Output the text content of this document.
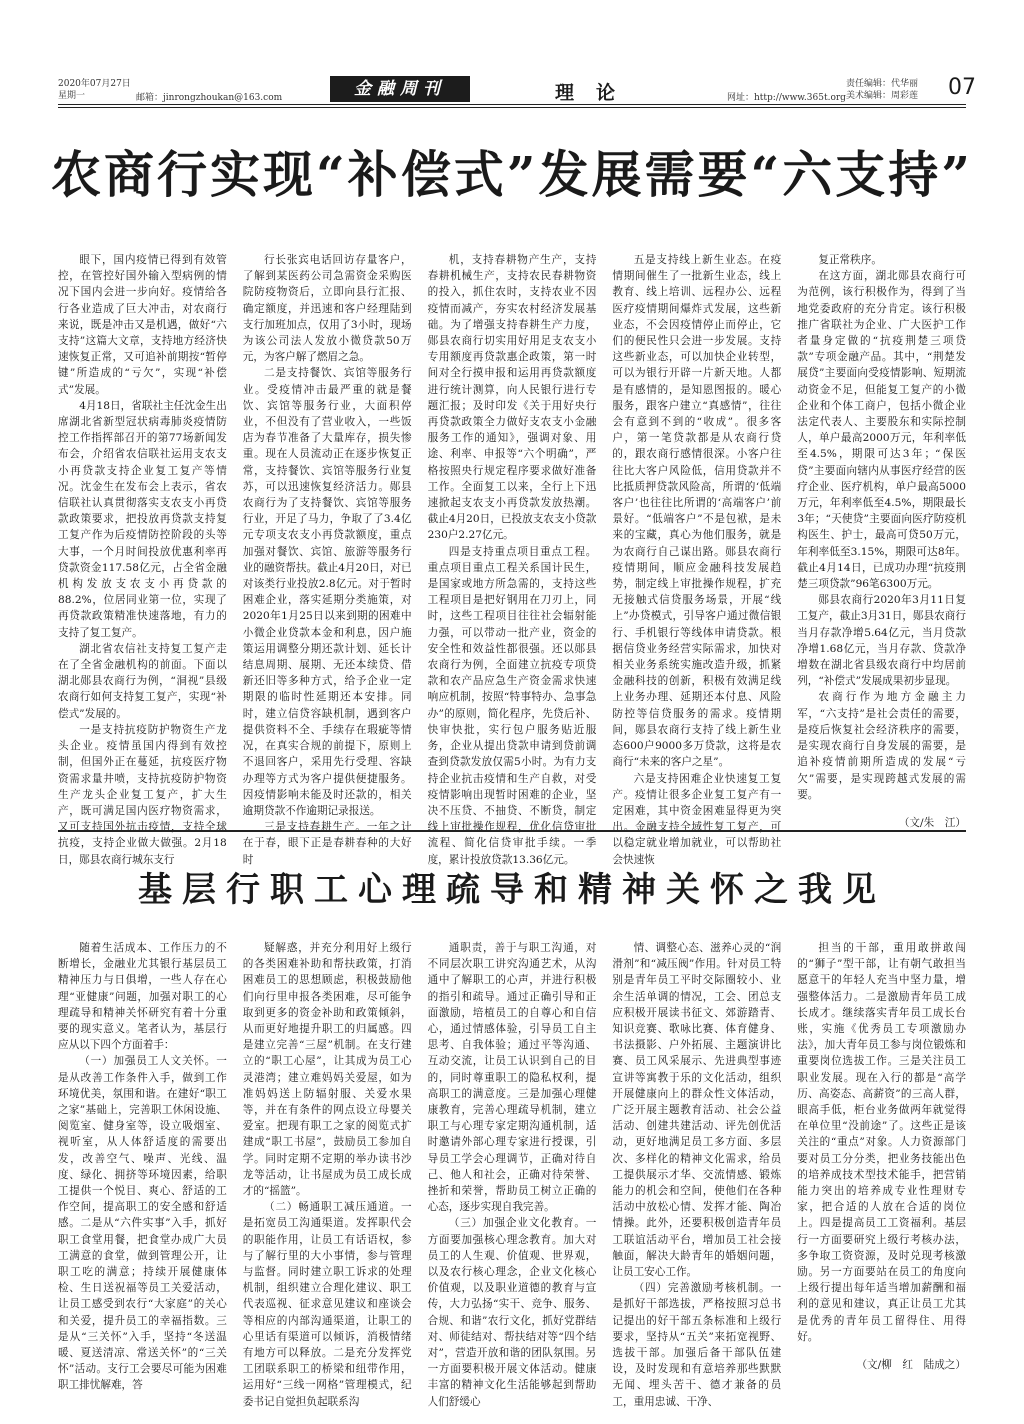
2020年07月27日
星期一	邮箱：jinrongzhoukan@163.com	金融周刊	理论	网址：http://www.365t.org
责任编辑：代华丽
美术编辑：周彩莲 07
农商行实现“补偿式”发展需要“六支持”

眼下，国内疫情已得到有效管控，在管控好国外输入型病例的情况下国内会进一步向好。疫情给各行各业造成了巨大冲击，对农商行来说，既是冲击又是机遇，做好“六支持”这篇大文章，支持地方经济快速恢复正常，又可追补前期按“暂停键”所造成的“亏欠”，实现“补偿式”发展。

4月18日，省联社主任沈金生出席湖北省新型冠状病毒肺炎疫情防控工作指挥部召开的第77场新闻发布会，介绍省农信联社运用支农支小再贷款支持企业复工复产等情况。沈金生在发布会上表示，省农信联社认真贯彻落实支农支小再贷款政策要求，把投放再贷款支持复工复产作为后疫情防控阶段的头等大事，一个月时间投放优惠利率再贷款资金117.58亿元，占全省金融机构发放支农支小再贷款的88.2%，位居同业第一位，实现了再贷款政策精准快速落地，有力的支持了复工复产。

湖北省农信社支持复工复产走在了全省金融机构的前面。下面以湖北郧县农商行为例，“洞视”县级农商行如何支持复工复产，实现“补偿式”发展的。

一是支持抗疫防护物资生产龙头企业。疫情虽国内得到有效控制，但国外正在蔓延，抗疫医疗物资需求量井喷，支持抗疫防护物资生产龙头企业复工复产，扩大生产，既可满足国内医疗物资需求，又可支持国外抗击疫情，支持全球抗疫，支持企业做大做强。2月18日，郧县农商行城东支行

行长张宾电话回访存量客户，了解到某医药公司急需资金采购医院防疫物资后，立即向县行汇报、确定额度，并迅速和客户经理陆到支行加班加点，仅用了3小时，现场为该公司法人发放小微贷款50万元，为客户解了燃眉之急。

二是支持餐饮、宾馆等服务行业。受疫情冲击最严重的就是餐饮、宾馆等服务行业，大面积停业，不但没有了营业收入，一些饭店为春节准备了大量库存，损失惨重。现在人员流动正在逐步恢复正常，支持餐饮、宾馆等服务行业复苏，可以迅速恢复经济活力。郧县农商行为了支持餐饮、宾馆等服务行业，开足了马力，争取了了3.4亿元专项支农支小再贷款额度，重点加强对餐饮、宾馆、旅游等服务行业的融资帮扶。截止4月20日，对已对该类行业投放2.8亿元。对于暂时困难企业，落实延期分类施策，对2020年1月25日以来到期的困难中小微企业贷款本金和利息，因户施策运用调整分期还款计划、延长计结息周期、展期、无还本续贷、借新还旧等多种方式，给予企业一定期限的临时性延期还本安排。同时，建立信贷容缺机制，遇到客户提供资料不全、手续存在瑕疵等情况，在真实合规的前提下，原则上不退回客户，采用先行受理、容缺办理等方式为客户提供便捷服务。因疫情影响未能及时还款的，相关逾期贷款不作逾期记录报送。

三是支持春耕生产。一年之计在于春，眼下正是春耕春种的大好时

机，支持春耕物产生产，支持春耕机械生产，支持农民春耕物资的投入，抓住农时，支持农业不因疫情而减产，夯实农村经济发展基础。为了增强支持春耕生产力度，郧县农商行切实用好用足支农支小专用额度再贷款惠企政策，第一时间对全行摸申报和运用再贷款额度进行统计测算，向人民银行进行专题汇报；及时印发《关于用好央行再贷款政策全力做好支农支小金融服务工作的通知》，强调对象、用途、利率、申报等“六个明确”，严格按照央行规定程序要求做好准备工作。全面复工以来，全行上下迅速掀起支农支小再贷款发放热潮。截止4月20日，已投放支农支小贷款230户2.27亿元。

四是支持重点项目重点工程。重点项目重点工程关系国计民生，是国家或地方所急需的，支持这些工程项目是把好钢用在刀刃上，同时，这些工程项目往往社会辐射能力强，可以带动一批产业，资金的安全性和效益性都很强。还以郧县农商行为例，全面建立抗疫专项贷款和农产品应急生产资金需求快速响应机制，按照“特事特办、急事急办”的原则，简化程序，先贷后补、快审快批，实行包户服务贴近服务，企业从提出贷款申请到贷前调查到贷款发放仅需5小时。为有力支持企业抗击疫情和生产自救，对受疫情影响出现暂时困难的企业，坚决不压贷、不抽贷、不断贷，制定线上审批操作规程，优化信贷审批流程、简化信贷审批手续。一季度，累计投放贷款13.36亿元。

五是支持线上新生业态。在疫情期间催生了一批新生业态，线上教育、线上培训、远程办公、远程医疗疫情期间爆炸式发展，这些新业态，不会因疫情停止而停止，它们的便民性只会进一步发展。支持这些新业态，可以加快企业转型，可以为银行开辟一片新天地。人都是有感情的，是知恩图报的。暖心服务，跟客户建立“真感情”，往往会有意到不到的“收成”。很多客户，第一笔贷款都是从农商行贷的，跟农商行感情很深。小客户往往比大客户风险低，信用贷款并不比抵质押贷款风险高，所谓的‘低端客户’也往往比所谓的‘高端客户’前景好。“低端客户”不是包袱，是未来的宝藏，真心为他们服务，就是为农商行自己谋出路。郧县农商行疫情期间，顺应金融科技发展趋势，制定线上审批操作规程，扩充无接触式信贷服务场景，开展“线上”办贷模式，引导客户通过微信银行、手机银行等线体申请贷款。根据信贷业务经营实际需求，加快对相关业务系统实施改造升级，抓紧金融科技的创新，积极有效满足线上业务办理、延期还本付息、风险防控等信贷服务的需求。疫情期间，郧县农商行支持了线上新生业态600户9000多万贷款，这将是农商行“未来的客户之星”。

六是支持困难企业快速复工复产。疫情让很多企业复工复产有一定困难，其中资金困难显得更为突出。金融支持全域性复工复产，可以稳定就业增加就业，可以帮助社会快速恢

复正常秩序。

在这方面，湖北郧县农商行可为范例，该行积极作为，得到了当地党委政府的充分肯定。该行积极推广省联社为企业、广大医护工作者量身定做的“抗疫荆楚三项贷款”专项金融产品。其中，“荆楚发展贷”主要面向受疫情影响、短期流动资金不足，但能复工复产的小微企业和个体工商户，包括小微企业法定代表人、主要股东和实际控制人，单户最高2000万元，年利率低至4.5%，期限可达3年；“保医贷”主要面向辖内从事医疗经营的医疗企业、医疗机构，单户最高5000万元，年利率低至4.5%，期限最长3年；“天使贷”主要面向医疗防疫机构医生、护士，最高可贷50万元，年利率低至3.15%，期限可达8年。截止4月14日，已成功办理“抗疫荆楚三项贷款”96笔6300万元。

郧县农商行2020年3月11日复工复产，截止3月31日，郧县农商行当月存款净增5.64亿元，当月贷款净增1.68亿元，当月存款、贷款净增数在湖北省县级农商行中均居前列，“补偿式”发展成果初步显现。

农商行作为地方金融主力军，“六支持”是社会责任的需要，是疫后恢复社会经济秩序的需要，是实现农商行自身发展的需要，是追补疫情前期所造成的发展“亏欠”需要，是实现跨越式发展的需要。

（文/朱　江）

基层行职工心理疏导和精神关怀之我见

随着生活成本、工作压力的不断增长，金融业尤其银行基层员工精神压力与日俱增，一些人存在心理“亚健康”问题，加强对职工的心理疏导和精神关怀研究有着十分重要的现实意义。笔者认为，基层行应从以下四个方面着手：

（一）加强员工人文关怀。一是从改善工作条件入手，做到工作环境优美，氛围和谐。在建好“职工之家”基础上，完善职工休闲设施、阅览室、健身室等，设立吸烟室、视听室，从人体舒适度的需要出发，改善空气、噪声、光线、温度、绿化、拥挤等环境因素，给职工提供一个悦目、爽心、舒适的工作空间，提高职工的安全感和舒适感。二是从“六件实事”入手，抓好职工食堂用餐，把食堂办成广大员工满意的食堂，做到管理公开，让职工吃的满意；持续开展健康体检、生日送祝福等员工关爱活动，让员工感受到农行“大家庭”的关心和关爱，提升员工的幸福指数。三是从“三关怀”入手，坚持“冬送温暖、夏送清凉、常送关怀”的“三关怀”活动。支行工会要尽可能为困难职工排忧解难，答

疑解惑，并充分利用好上级行的各类困难补助和帮扶政策，打消困难员工的思想顾虑，积极鼓励他们向行里申报各类困难，尽可能争取到更多的资金补助和政策倾斜，从而更好地提升职工的归属感。四是建立完善“三屋”机制。在支行建立的“职工心屋”，让其成为员工心灵港湾；建立难妈妈关爱屋，如为准妈妈送上防辐射服、关爱水果等，并在有条件的网点设立母婴关爱室。把现有职工之家的阅览式扩建成“职工书屋”，鼓励员工参加自学。同时定期不定期的举办读书沙龙等活动，让书屋成为员工成长成才的“摇篮”。

（二）畅通职工减压通道。一是拓宽员工沟通渠道。发挥职代会的职能作用，让员工有话语权，参与了解行里的大小事情，参与管理与监督。同时建立职工诉求的处理机制，组织建立合理化建议、职工代表巡视、征求意见建议和座谈会等相应的内部沟通渠道，让职工的心里话有渠道可以倾诉，消极情绪有地方可以释放。二是充分发挥党工团联系职工的桥梁和纽带作用，运用好“三线一网格”管理模式，纪委书记自觉担负起联系沟

通职责，善于与职工沟通，对不同层次职工讲究沟通艺术，从沟通中了解职工的心声，并进行积极的指引和疏导。通过正确引导和正面激励，培植员工的自尊心和自信心，通过情感体验，引导员工自主思考、自我体验；通过平等沟通、互动交流，让员工认识到自己的目的，同时尊重职工的隐私权利，提高职工的满意度。三是加强心理健康教育，完善心理疏导机制，建立职工与心理专家定期沟通机制，适时邀请外部心理专家进行授课，引导员工学会心理调节，正确对待自己、他人和社会，正确对待荣誉、挫折和荣誉，帮助员工树立正确的心态，逐步实现自我完善。

（三）加强企业文化教育。一方面要加强核心理念教育。加大对员工的人生观、价值观、世界观，以及农行核心理念，企业文化核心价值观，以及职业道德的教育与宣传，大力弘扬“实干、竞争、服务、合规、和谐”农行文化，抓好党群结对、师徒结对、帮扶结对等“四个结对”，营造开放和谐的团队氛围。另一方面要积极开展文体活动。健康丰富的精神文化生活能够起到帮助人们舒缓心

情、调整心态、滋养心灵的“润滑剂”和“减压阀”作用。针对员工特别是青年员工平时交际圈较小、业余生活单调的情况，工会、团总支应积极开展读书征文、郊游踏青、知识竞赛、歌咏比赛、体育健身、书法摄影、户外拓展、主题演讲比赛、员工风采展示、先进典型事迹宣讲等寓教于乐的文化活动，组织开展健康向上的群众性文体活动，广泛开展主题教育活动、社会公益活动、创建共建活动、评先创优活动，更好地满足员工多方面、多层次、多样化的精神文化需求，给员工提供展示才华、交流情感、锻炼能力的机会和空间，使他们在各种活动中放松心情、发挥才能、陶冶情操。此外，还要积极创造青年员工联谊活动平台，增加员工社会接触面，解决大龄青年的婚姻问题，让员工安心工作。

（四）完善激励考核机制。一是抓好干部选拔，严格按照习总书记提出的好干部五条标准和上级行要求，坚持从“五关”来拓宽视野、选拔干部。加强后备干部队伍建设，及时发现和有意培养那些默默无闻、埋头苦干、德才兼备的员工，重用忠诚、干净、

担当的干部，重用敢拼敢闯的“狮子”型干部，让有朝气敢担当愿意干的年轻人充当中坚力量，增强整体活力。二是激励青年员工成长成才。继续落实青年员工成长台账，实施《优秀员工专项激励办法》，加大青年员工参与岗位锻炼和重要岗位选拔工作。三是关注员工职业发展。现在入行的都是“高学历、高姿态、高薪资”的三高人群，眼高手低，柜台业务做两年就觉得在单位里“没前途”了。这些正是该关注的“重点”对象。人力资源部门要对员工分分类，把业务技能出色的培养成技术型技术能手，把营销能力突出的培养成专业性理财专家，把合适的人放在合适的岗位上。四是提高员工工资福利。基层行一方面要研究上级行考核办法，多争取工资资源，及时兑现考核激励。另一方面要站在员工的角度向上级行提出每年适当增加薪酬和福利的意见和建议，真正让员工尤其是优秀的青年员工留得住、用得好。

（文/柳　红　陆成之）
